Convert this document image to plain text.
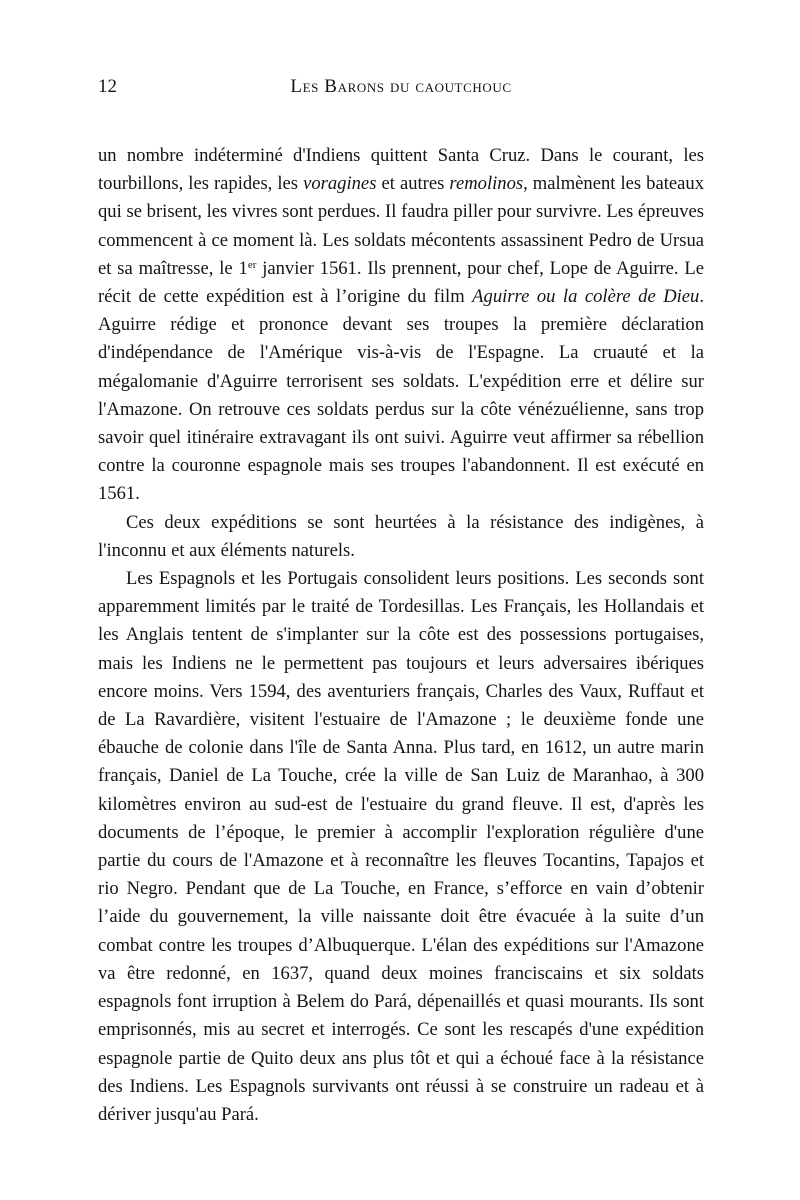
12	Les Barons du caoutchouc

un nombre indéterminé d'Indiens quittent Santa Cruz. Dans le courant, les tourbillons, les rapides, les voragines et autres remolinos, malmènent les bateaux qui se brisent, les vivres sont perdues. Il faudra piller pour survivre. Les épreuves commencent à ce moment là. Les soldats mécontents assassinent Pedro de Ursua et sa maîtresse, le 1er janvier 1561. Ils prennent, pour chef, Lope de Aguirre. Le récit de cette expédition est à l’origine du film Aguirre ou la colère de Dieu. Aguirre rédige et prononce devant ses troupes la première déclaration d'indépendance de l'Amérique vis-à-vis de l'Espagne. La cruauté et la mégalomanie d'Aguirre terrorisent ses soldats. L'expédition erre et délire sur l'Amazone. On retrouve ces soldats perdus sur la côte vénézuélienne, sans trop savoir quel itinéraire extravagant ils ont suivi. Aguirre veut affirmer sa rébellion contre la couronne espagnole mais ses troupes l'abandonnent. Il est exécuté en 1561.

Ces deux expéditions se sont heurtées à la résistance des indigènes, à l'inconnu et aux éléments naturels.

Les Espagnols et les Portugais consolident leurs positions. Les seconds sont apparemment limités par le traité de Tordesillas. Les Français, les Hollandais et les Anglais tentent de s'implanter sur la côte est des possessions portugaises, mais les Indiens ne le permettent pas toujours et leurs adversaires ibériques encore moins. Vers 1594, des aventuriers français, Charles des Vaux, Ruffaut et de La Ravardière, visitent l'estuaire de l'Amazone ; le deuxième fonde une ébauche de colonie dans l'île de Santa Anna. Plus tard, en 1612, un autre marin français, Daniel de La Touche, crée la ville de San Luiz de Maranhao, à 300 kilomètres environ au sud-est de l'estuaire du grand fleuve. Il est, d'après les documents de l’époque, le premier à accomplir l'exploration régulière d'une partie du cours de l'Amazone et à reconnaître les fleuves Tocantins, Tapajos et rio Negro. Pendant que de La Touche, en France, s’efforce en vain d’obtenir l’aide du gouvernement, la ville naissante doit être évacuée à la suite d’un combat contre les troupes d’Albuquerque. L'élan des expéditions sur l'Amazone va être redonné, en 1637, quand deux moines franciscains et six soldats espagnols font irruption à Belem do Pará, dépenaillés et quasi mourants. Ils sont emprisonnés, mis au secret et interrogés. Ce sont les rescapés d'une expédition espagnole partie de Quito deux ans plus tôt et qui a échoué face à la résistance des Indiens. Les Espagnols survivants ont réussi à se construire un radeau et à dériver jusqu'au Pará.
